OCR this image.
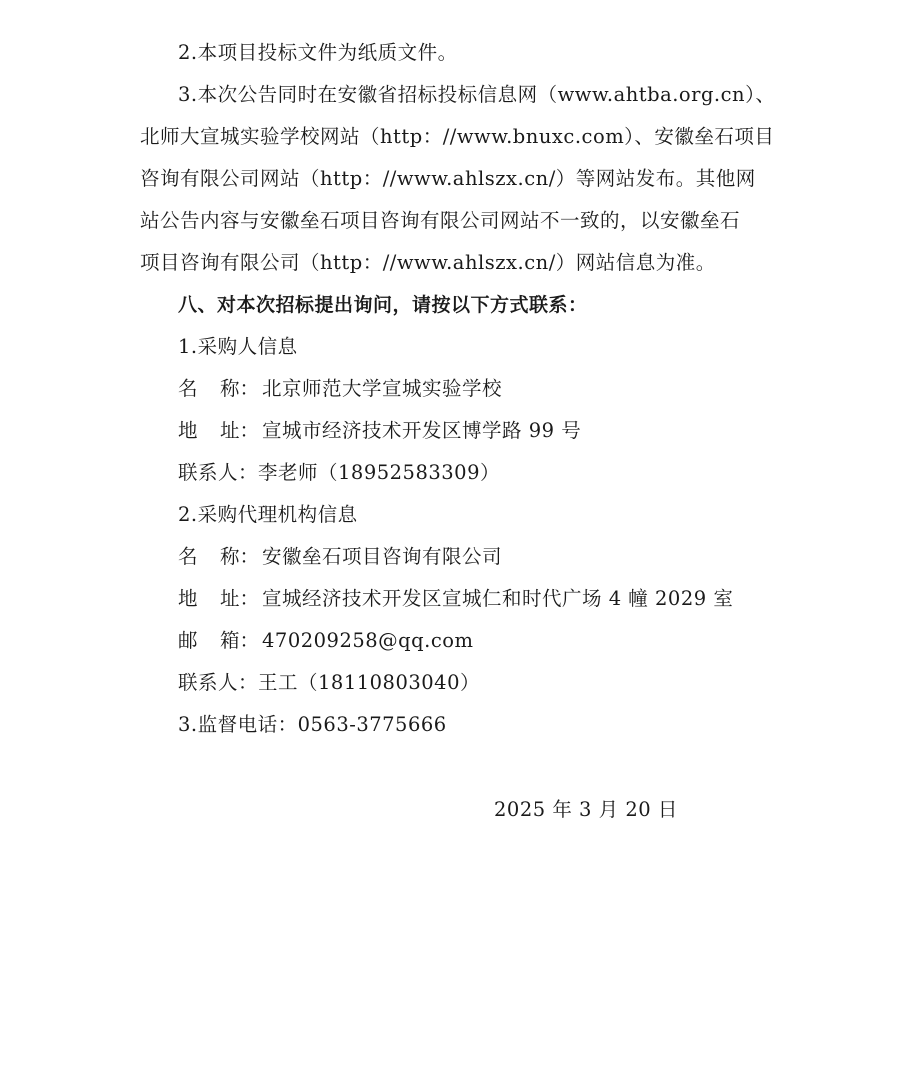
2.本项目投标文件为纸质文件。
3.本次公告同时在安徽省招标投标信息网（www.ahtba.org.cn）、
北师大宣城实验学校网站（http：//www.bnuxc.com）、安徽垒石项目
咨询有限公司网站（http：//www.ahlszx.cn/）等网站发布。其他网
站公告内容与安徽垒石项目咨询有限公司网站不一致的，以安徽垒石
项目咨询有限公司（http：//www.ahlszx.cn/）网站信息为准。
八、对本次招标提出询问，请按以下方式联系：
1.采购人信息
名 称： 北京师范大学宣城实验学校
地 址： 宣城市经济技术开发区博学路 99 号
联系人：李老师（18952583309）
2.采购代理机构信息
名 称： 安徽垒石项目咨询有限公司
地 址： 宣城经济技术开发区宣城仁和时代广场 4 幢 2029 室
邮 箱： 470209258@qq.com
联系人：王工（18110803040）
3.监督电话：0563-3775666
2025 年 3 月 20 日
